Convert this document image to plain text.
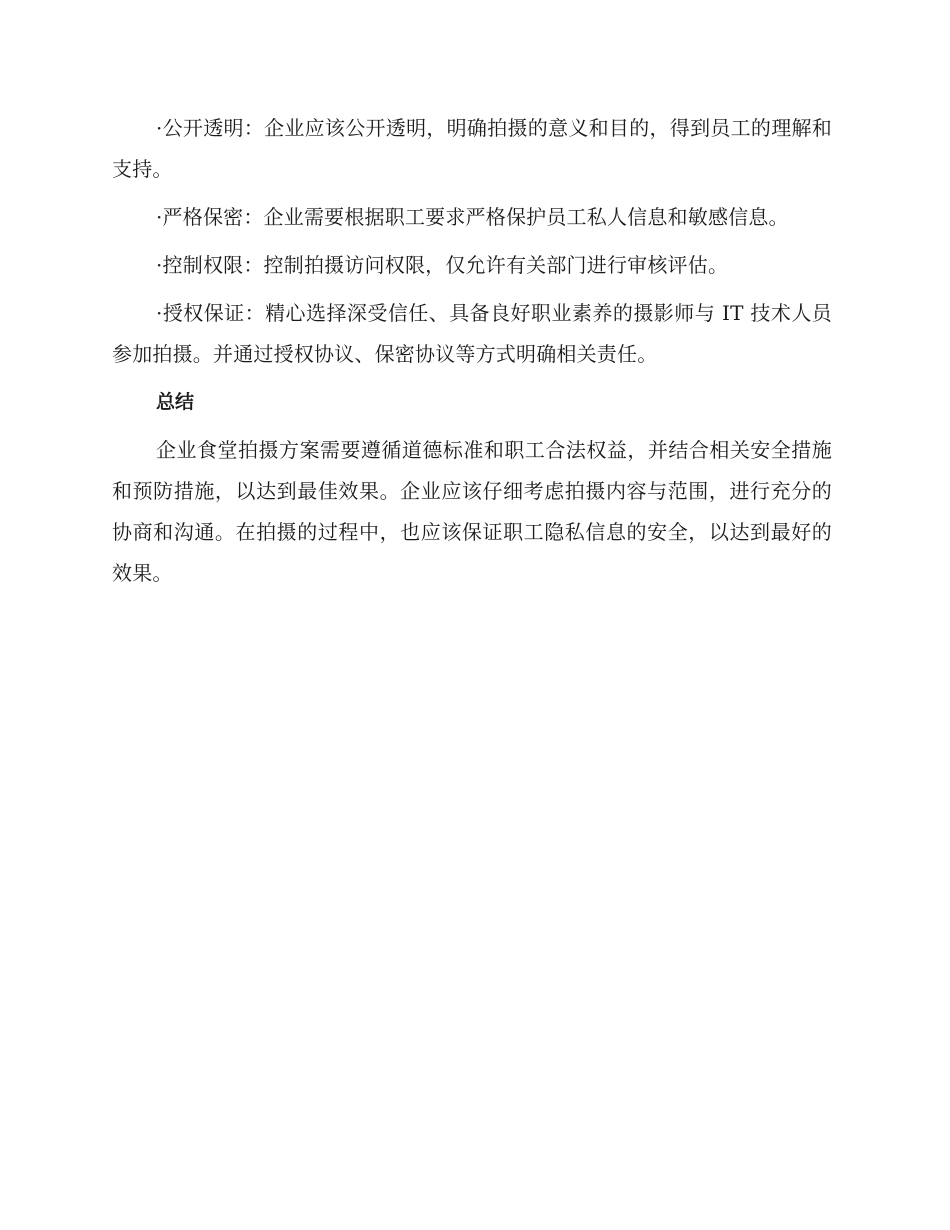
·公开透明：企业应该公开透明，明确拍摄的意义和目的，得到员工的理解和支持。

·严格保密：企业需要根据职工要求严格保护员工私人信息和敏感信息。

·控制权限：控制拍摄访问权限，仅允许有关部门进行审核评估。

·授权保证：精心选择深受信任、具备良好职业素养的摄影师与 IT 技术人员参加拍摄。并通过授权协议、保密协议等方式明确相关责任。

总结

企业食堂拍摄方案需要遵循道德标准和职工合法权益，并结合相关安全措施和预防措施，以达到最佳效果。企业应该仔细考虑拍摄内容与范围，进行充分的协商和沟通。在拍摄的过程中，也应该保证职工隐私信息的安全，以达到最好的效果。
